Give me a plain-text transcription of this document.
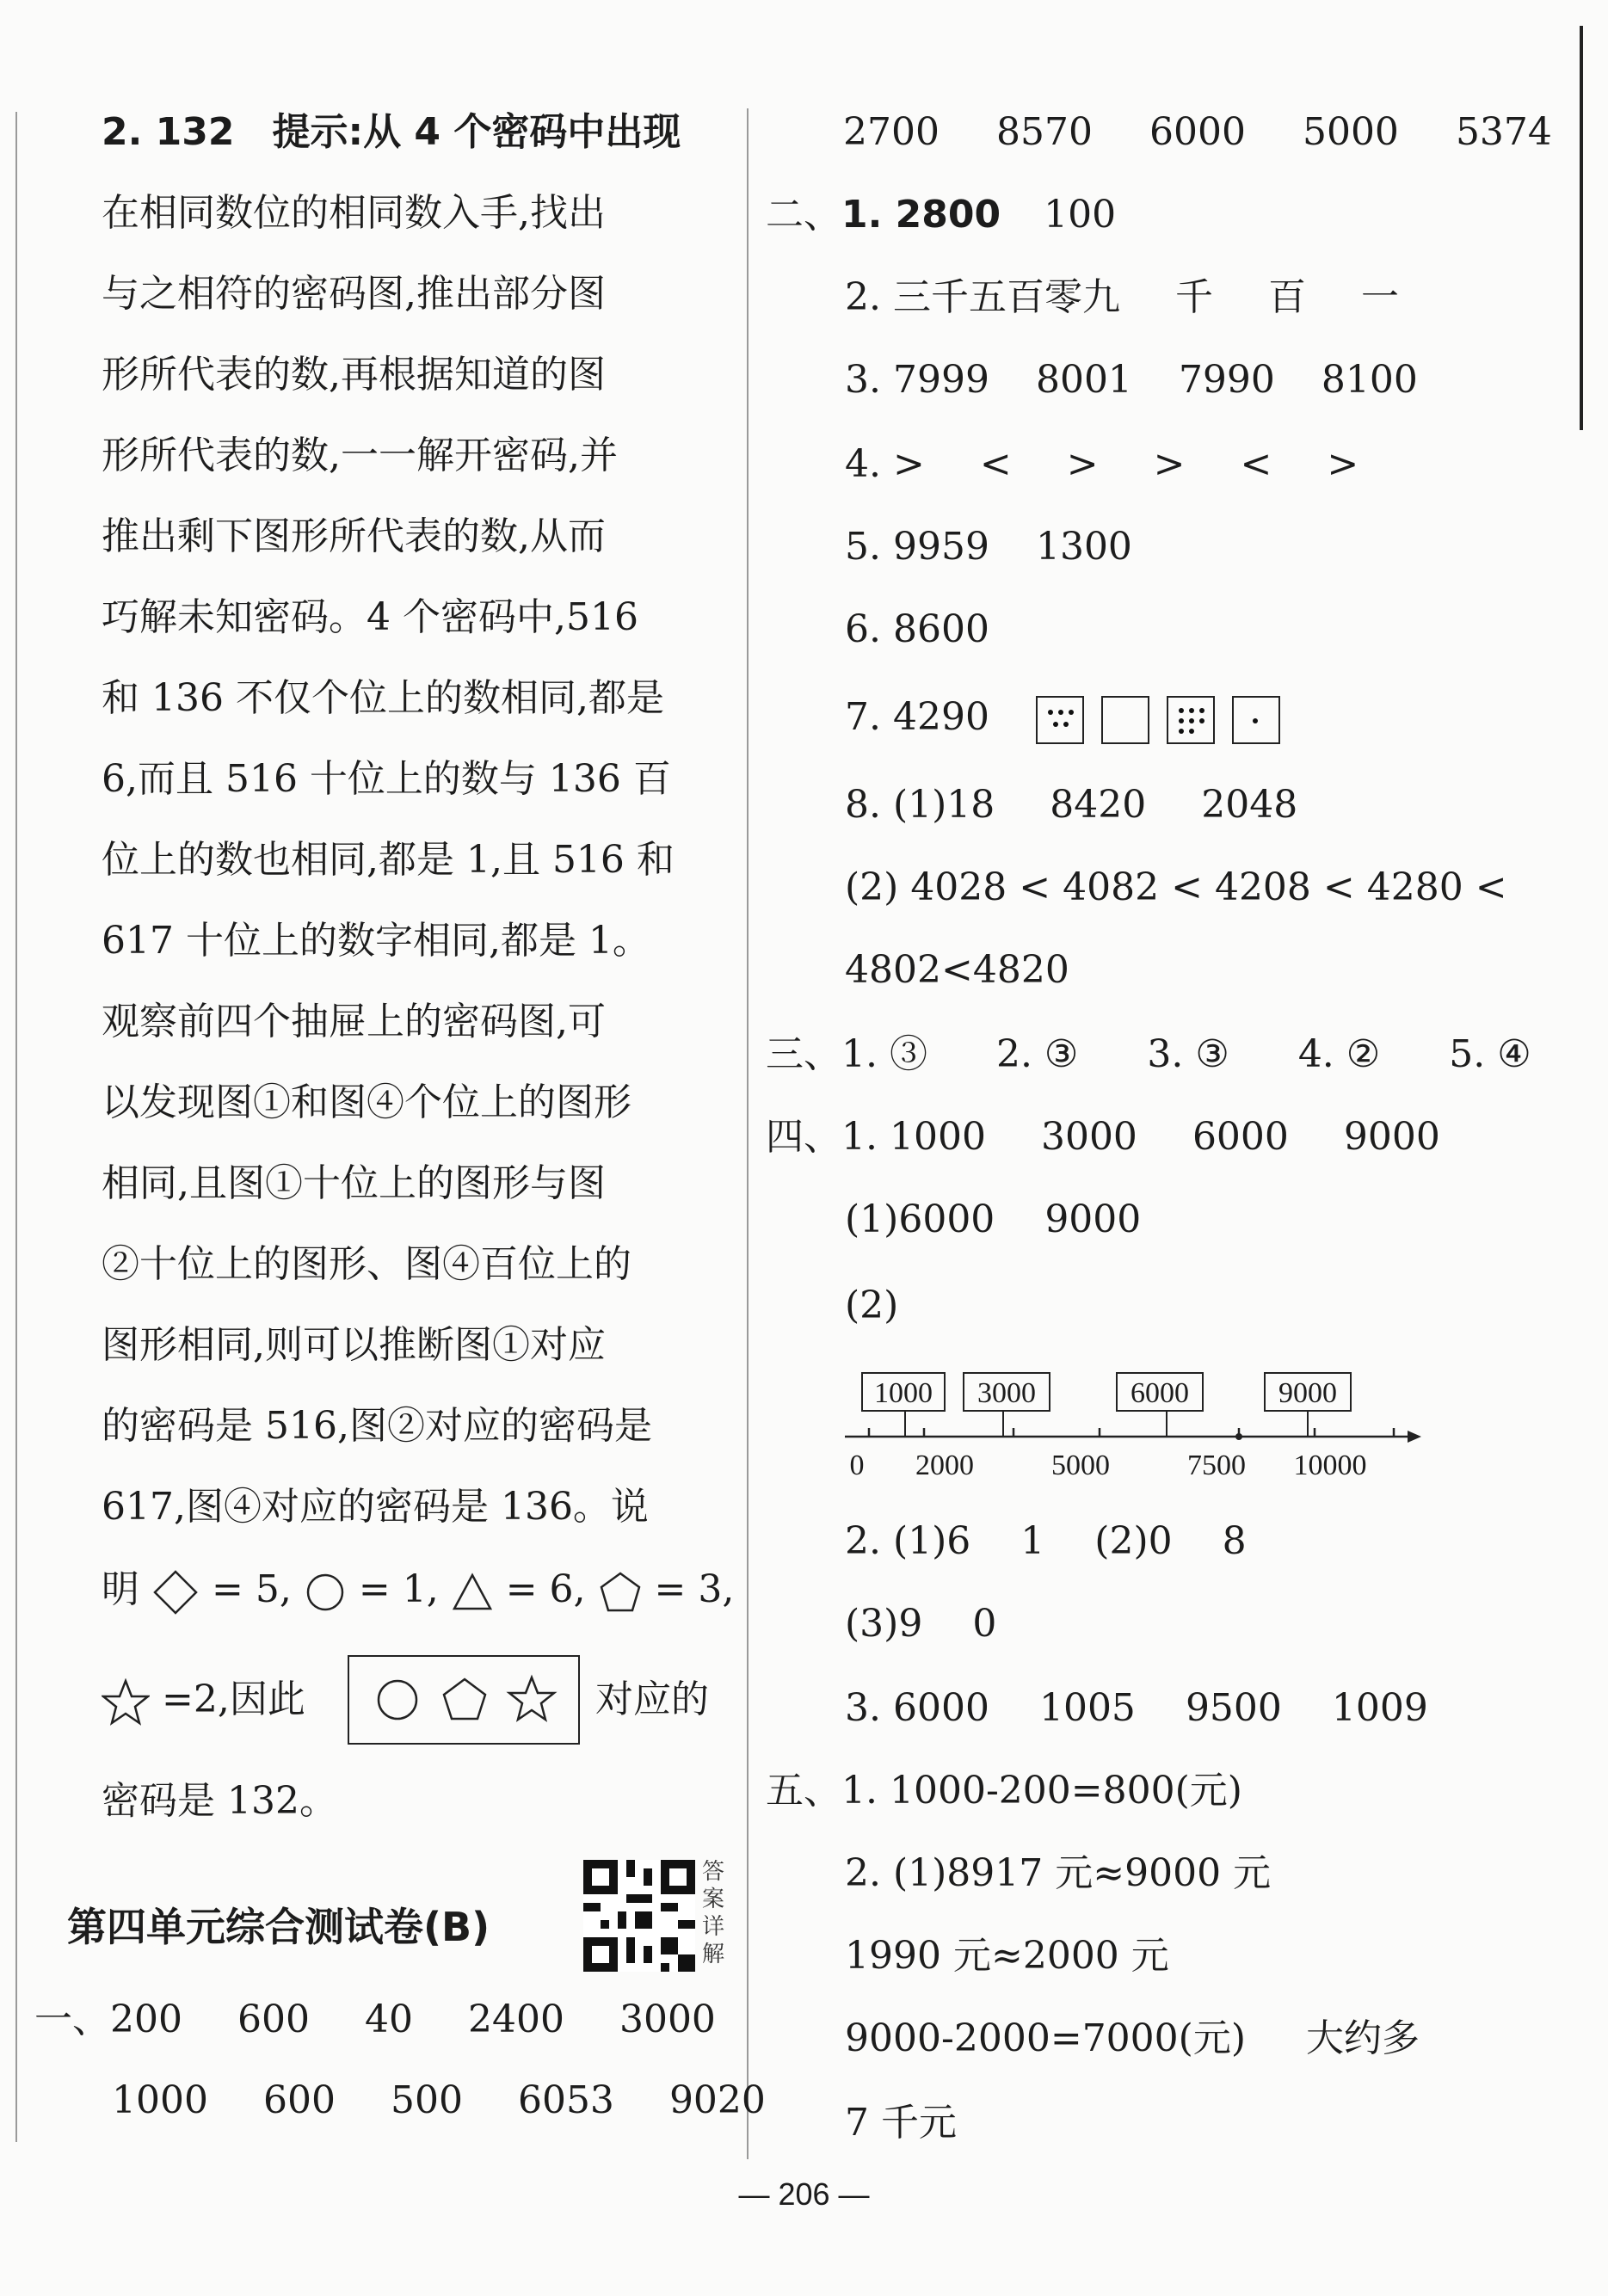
2. 132 提示:从 4 个密码中出现
在相同数位的相同数入手,找出
与之相符的密码图,推出部分图
形所代表的数,再根据知道的图
形所代表的数,一一解开密码,并
推出剩下图形所代表的数,从而
巧解未知密码。4 个密码中,516
和 136 不仅个位上的数相同,都是
6,而且 516 十位上的数与 136 百
位上的数也相同,都是 1,且 516 和
617 十位上的数字相同,都是 1。
观察前四个抽屉上的密码图,可
以发现图①和图④个位上的图形
相同,且图①十位上的图形与图
②十位上的图形、图④百位上的
图形相同,则可以推断图①对应
的密码是 516,图②对应的密码是
617,图④对应的密码是 136。说
明 = 5, = 1, = 6, = 3,
=2,因此	对应的
密码是 132。
第四单元综合测试卷(B)
答案详解
一、200 600 40 2400 3000
1000 600 500 6053 9020
2700 8570 6000 5000 5374
二、1. 2800 100
2. 三千五百零九 千 百 一
3. 7999 8001 7990 8100
4. > < > > < >
5. 9959 1300
6. 8600
7. 4290

8. (1)18 8420 2048
(2) 4028 < 4082 < 4208 < 4280 <
4802<4820
三、1. ③ 2. ③ 3. ③ 4. ② 5. ④
四、1. 1000 3000 6000 9000
(1)6000 9000
(2)
1000 3000	6000	9000
0 2000	5000	7500 10000
2. (1)6 1 (2)0 8
(3)9 0
3. 6000 1005 9500 1009
五、1. 1000-200=800(元)
2. (1)8917 元≈9000 元
1990 元≈2000 元
9000-2000=7000(元) 大约多
7 千元
— 206 —
